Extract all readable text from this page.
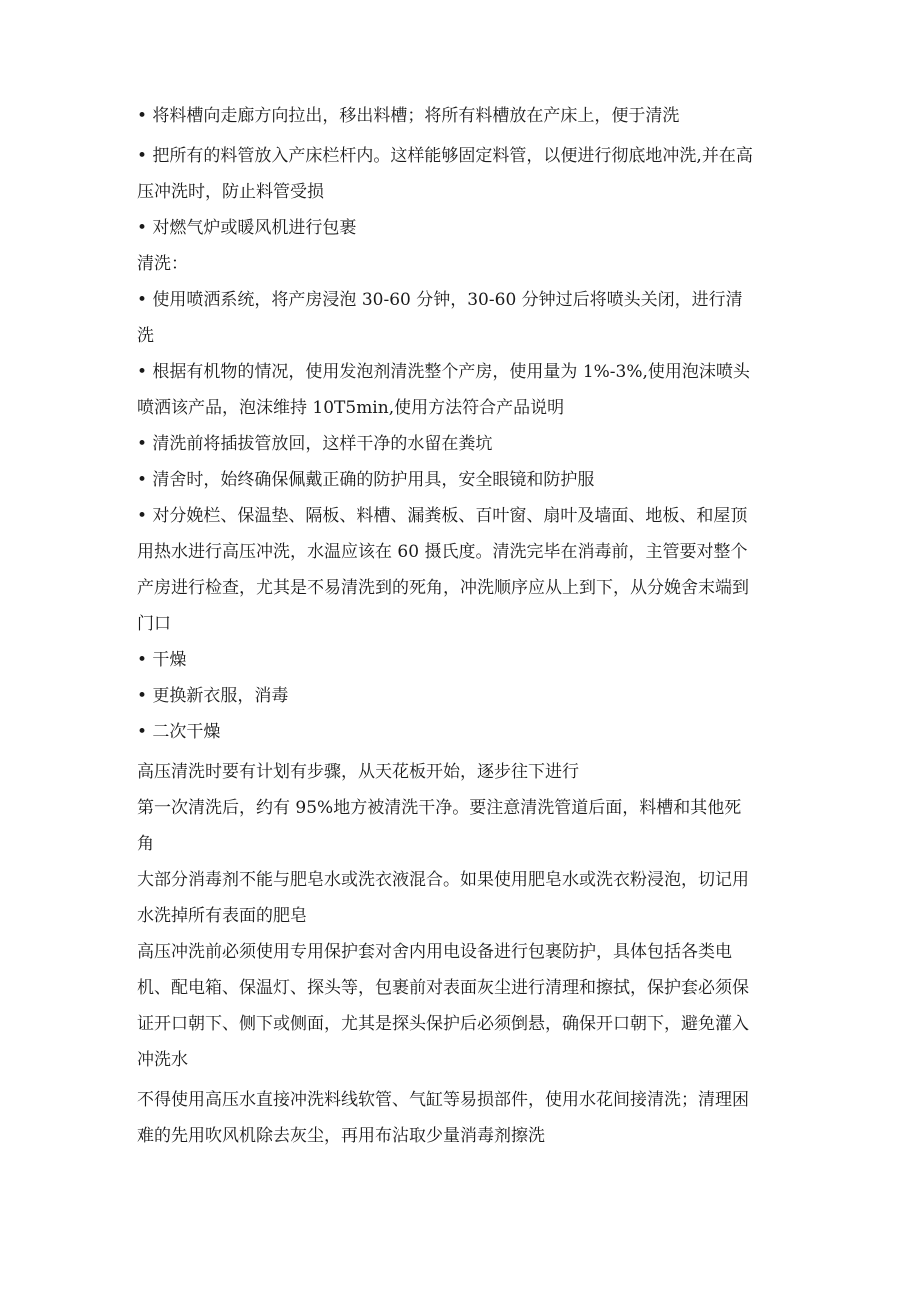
• 将料槽向走廊方向拉出，移出料槽；将所有料槽放在产床上，便于清洗

• 把所有的料管放入产床栏杆内。这样能够固定料管，以便进行彻底地冲洗,并在高压冲洗时，防止料管受损

• 对燃气炉或暖风机进行包裹

清洗：

• 使用喷洒系统，将产房浸泡 30-60 分钟，30-60 分钟过后将喷头关闭，进行清洗

• 根据有机物的情况，使用发泡剂清洗整个产房，使用量为 1%-3%,使用泡沫喷头喷洒该产品，泡沫维持 10T5min,使用方法符合产品说明

• 清洗前将插拔管放回，这样干净的水留在粪坑

• 清舍时，始终确保佩戴正确的防护用具，安全眼镜和防护服

• 对分娩栏、保温垫、隔板、料槽、漏粪板、百叶窗、扇叶及墙面、地板、和屋顶用热水进行高压冲洗，水温应该在 60 摄氏度。清洗完毕在消毒前，主管要对整个产房进行检查，尤其是不易清洗到的死角，冲洗顺序应从上到下，从分娩舍末端到门口

• 干燥

• 更换新衣服，消毒

• 二次干燥

高压清洗时要有计划有步骤，从天花板开始，逐步往下进行

第一次清洗后，约有 95%地方被清洗干净。要注意清洗管道后面，料槽和其他死角

大部分消毒剂不能与肥皂水或洗衣液混合。如果使用肥皂水或洗衣粉浸泡，切记用水洗掉所有表面的肥皂

高压冲洗前必须使用专用保护套对舍内用电设备进行包裹防护，具体包括各类电机、配电箱、保温灯、探头等，包裹前对表面灰尘进行清理和擦拭，保护套必须保证开口朝下、侧下或侧面，尤其是探头保护后必须倒悬，确保开口朝下，避免灌入冲洗水

不得使用高压水直接冲洗料线软管、气缸等易损部件，使用水花间接清洗；清理困难的先用吹风机除去灰尘，再用布沾取少量消毒剂擦洗
